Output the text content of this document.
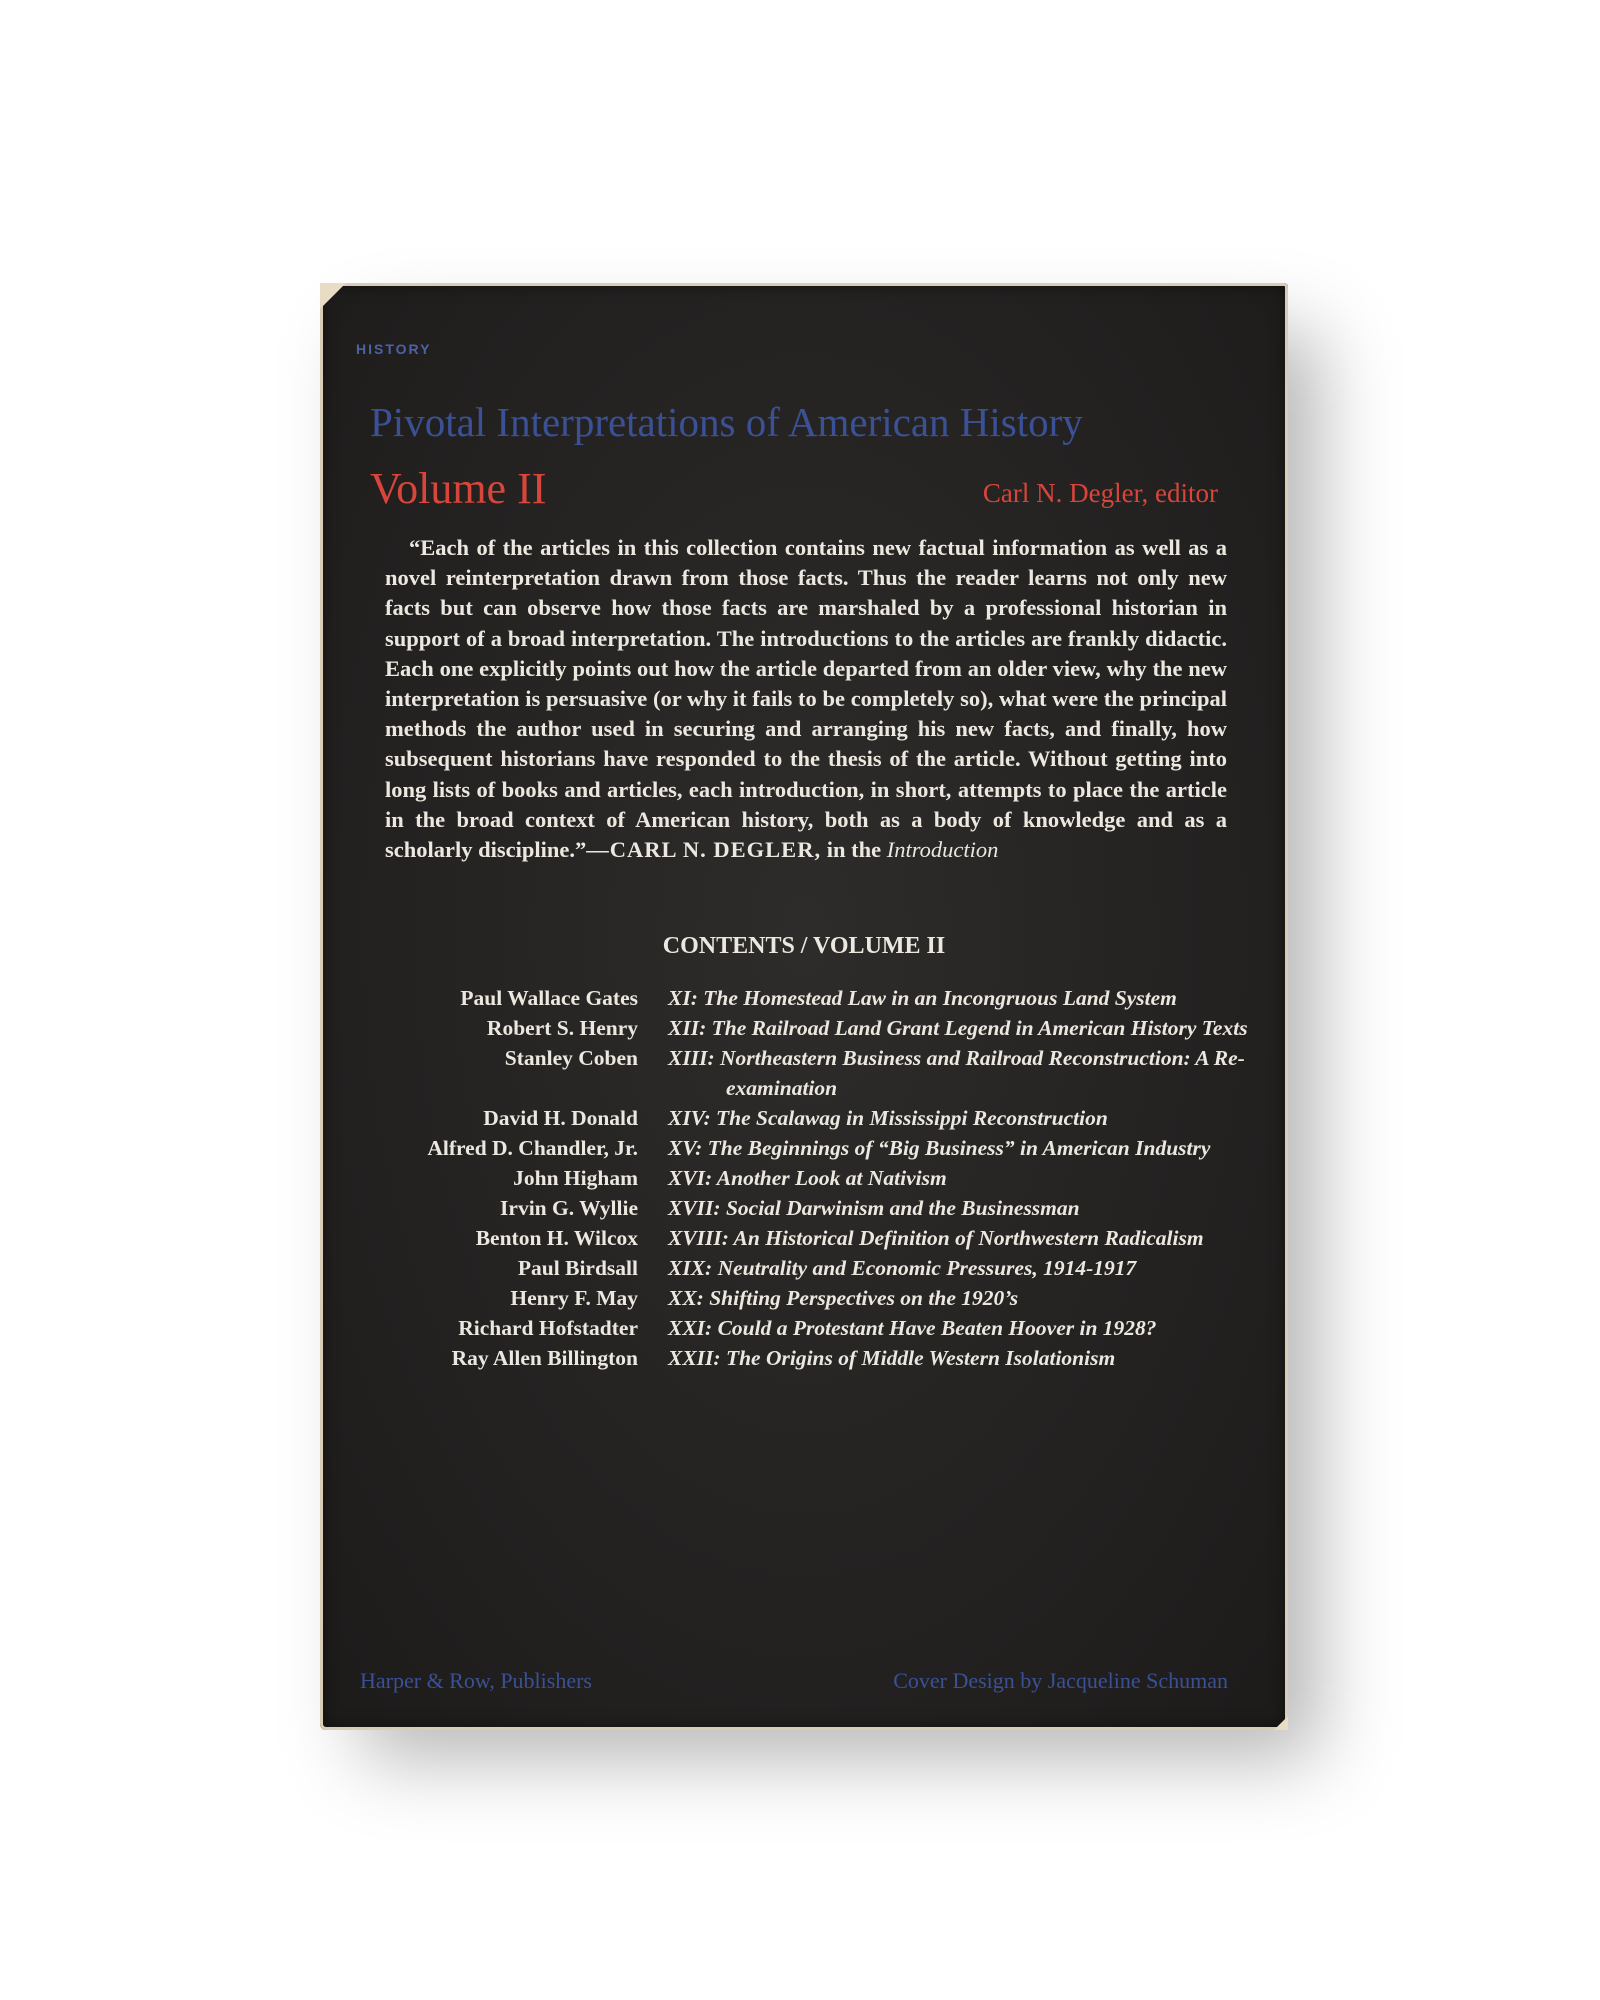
HISTORY
Pivotal Interpretations of American History
Volume II	Carl N. Degler, editor
“Each of the articles in this collection contains new factual information as well as a novel reinterpretation drawn from those facts. Thus the reader learns not only new facts but can observe how those facts are marshaled by a professional historian in support of a broad interpretation. The introductions to the articles are frankly didactic. Each one explicitly points out how the article departed from an older view, why the new interpretation is persuasive (or why it fails to be completely so), what were the principal methods the author used in securing and arranging his new facts, and finally, how subsequent historians have responded to the thesis of the article. Without getting into long lists of books and articles, each introduction, in short, attempts to place the article in the broad context of American history, both as a body of knowledge and as a scholarly discipline.”—CARL N. DEGLER, in the Introduction
CONTENTS / VOLUME II
Paul Wallace Gates	XI: The Homestead Law in an Incongruous Land System
Robert S. Henry	XII: The Railroad Land Grant Legend in American History Texts
Stanley Coben	XIII: Northeastern Business and Railroad Reconstruction: A Re-examination
David H. Donald	XIV: The Scalawag in Mississippi Reconstruction
Alfred D. Chandler, Jr.	XV: The Beginnings of “Big Business” in American Industry
John Higham	XVI: Another Look at Nativism
Irvin G. Wyllie	XVII: Social Darwinism and the Businessman
Benton H. Wilcox	XVIII: An Historical Definition of Northwestern Radicalism
Paul Birdsall	XIX: Neutrality and Economic Pressures, 1914-1917
Henry F. May	XX: Shifting Perspectives on the 1920’s
Richard Hofstadter	XXI: Could a Protestant Have Beaten Hoover in 1928?
Ray Allen Billington	XXII: The Origins of Middle Western Isolationism
Harper & Row, Publishers	Cover Design by Jacqueline Schuman
